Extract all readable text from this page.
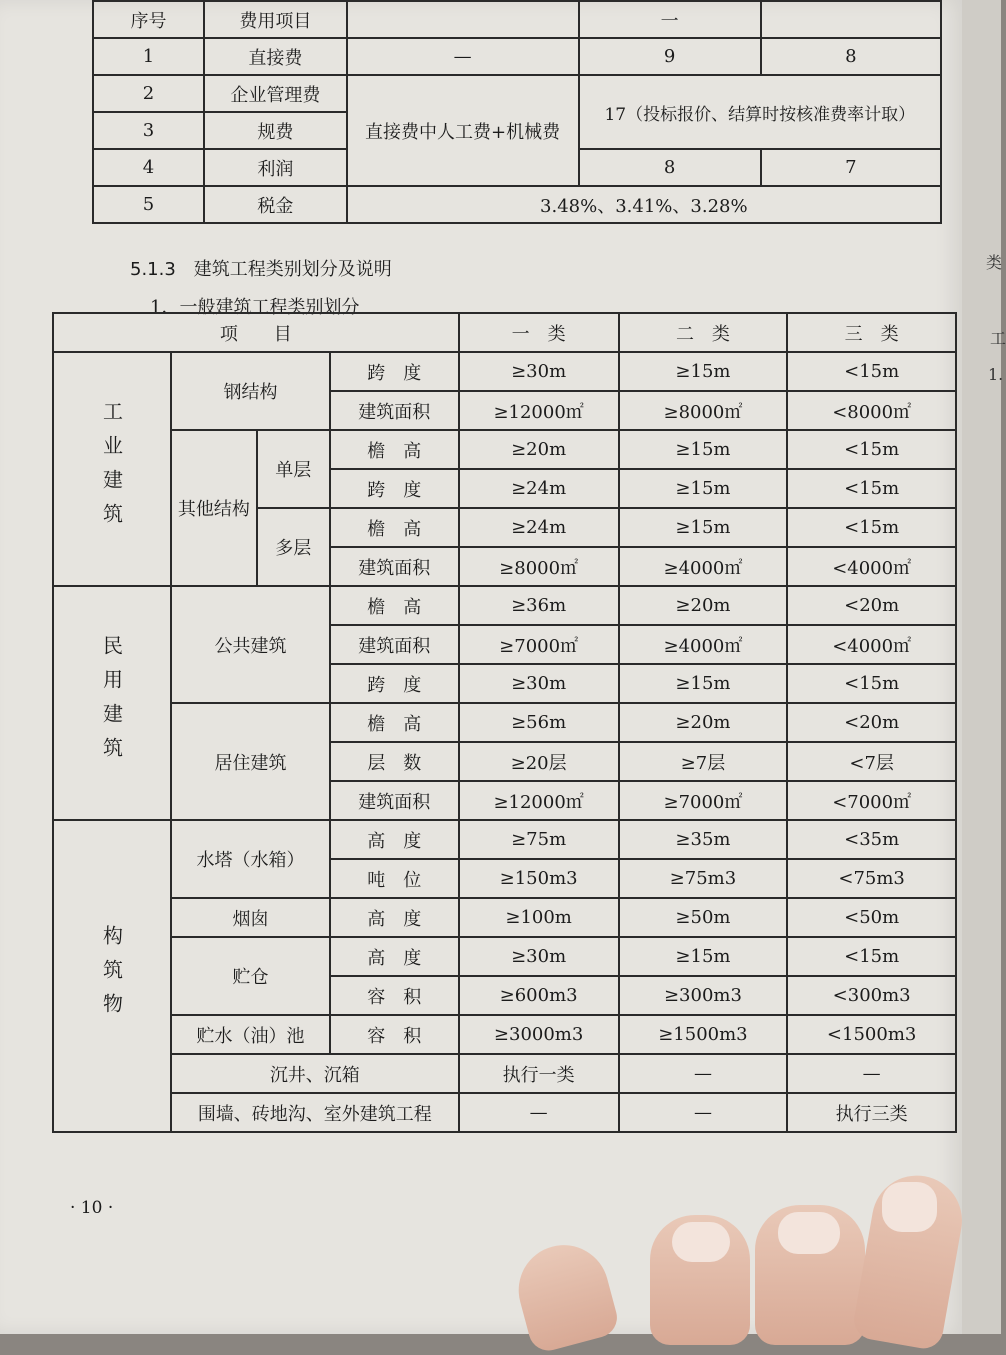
序号	费用项目		一	
1	直接费	—	9	8
2	企业管理费	直接费中人工费+机械费	17（投标报价、结算时按核准费率计取）	
3	规费			
4	利润		8	7
5	税金	3.48%、3.41%、3.28%		
5.1.3　建筑工程类别划分及说明
1．一般建筑工程类别划分
项　　目				一　类	二　类	三　类
工业建筑	钢结构		跨　度	≥30m	≥15m	<15m
			建筑面积	≥12000㎡	≥8000㎡	<8000㎡
	其他结构	单层	檐　高	≥20m	≥15m	<15m
			跨　度	≥24m	≥15m	<15m
		多层	檐　高	≥24m	≥15m	<15m
			建筑面积	≥8000㎡	≥4000㎡	<4000㎡
民用建筑	公共建筑		檐　高	≥36m	≥20m	<20m
			建筑面积	≥7000㎡	≥4000㎡	<4000㎡
			跨　度	≥30m	≥15m	<15m
	居住建筑		檐　高	≥56m	≥20m	<20m
			层　数	≥20层	≥7层	<7层
			建筑面积	≥12000㎡	≥7000㎡	<7000㎡
构筑物	水塔（水箱）		高　度	≥75m	≥35m	<35m
			吨　位	≥150m3	≥75m3	<75m3
	烟囱		高　度	≥100m	≥50m	<50m
	贮仓		高　度	≥30m	≥15m	<15m
			容　积	≥600m3	≥300m3	<300m3
	贮水（油）池		容　积	≥3000m3	≥1500m3	<1500m3
	沉井、沉箱			执行一类	—	—
	围墙、砖地沟、室外建筑工程			—	—	执行三类
· 10 ·
类
工
1.
